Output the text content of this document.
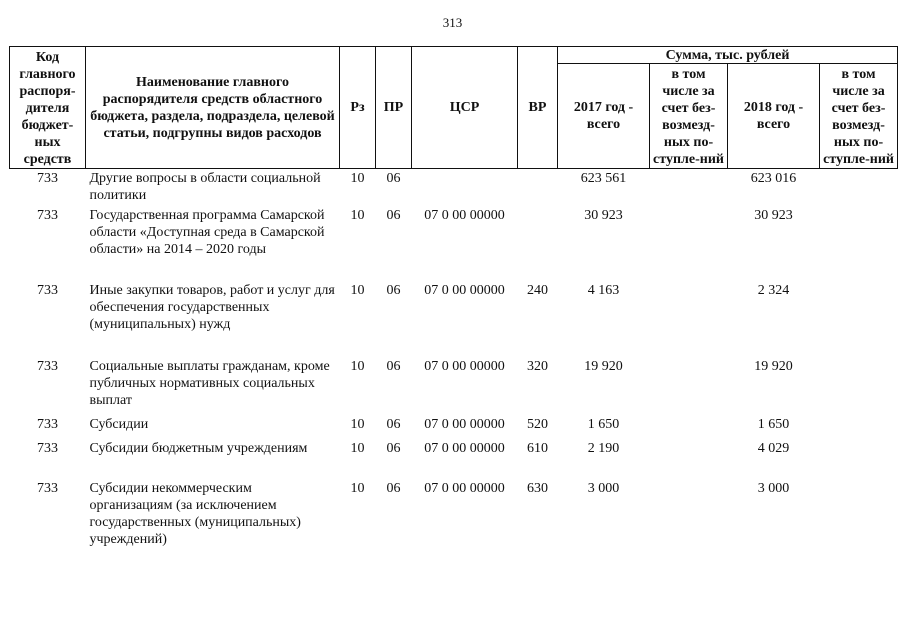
313
Код главного распоря-дителя бюджет-ных средств	Наименование главного распорядителя средств областного бюджета, раздела, подраздела, целевой статьи, подгрупны видов расходов	Рз	ПР	ЦСР	ВР	Сумма, тыс. рублей			
						2017 год - всего	в том числе за счет без-возмезд-ных по-ступле-ний	2018 год - всего	в том числе за счет без-возмезд-ных по-ступле-ний
733	Другие вопросы в области социальной политики	10	06			623 561		623 016	
733	Государственная программа Самарской области «Доступная среда в Самарской области» на 2014 – 2020 годы	10	06	07 0 00 00000		30 923		30 923	
733	Иные закупки товаров, работ и услуг для обеспечения государственных (муниципальных) нужд	10	06	07 0 00 00000	240	4 163		2 324	
733	Социальные выплаты гражданам, кроме публичных нормативных социальных выплат	10	06	07 0 00 00000	320	19 920		19 920	
733	Субсидии	10	06	07 0 00 00000	520	1 650		1 650	
733	Субсидии бюджетным учреждениям	10	06	07 0 00 00000	610	2 190		4 029	
733	Субсидии некоммерческим организациям (за исключением государственных (муниципальных) учреждений)	10	06	07 0 00 00000	630	3 000		3 000	
